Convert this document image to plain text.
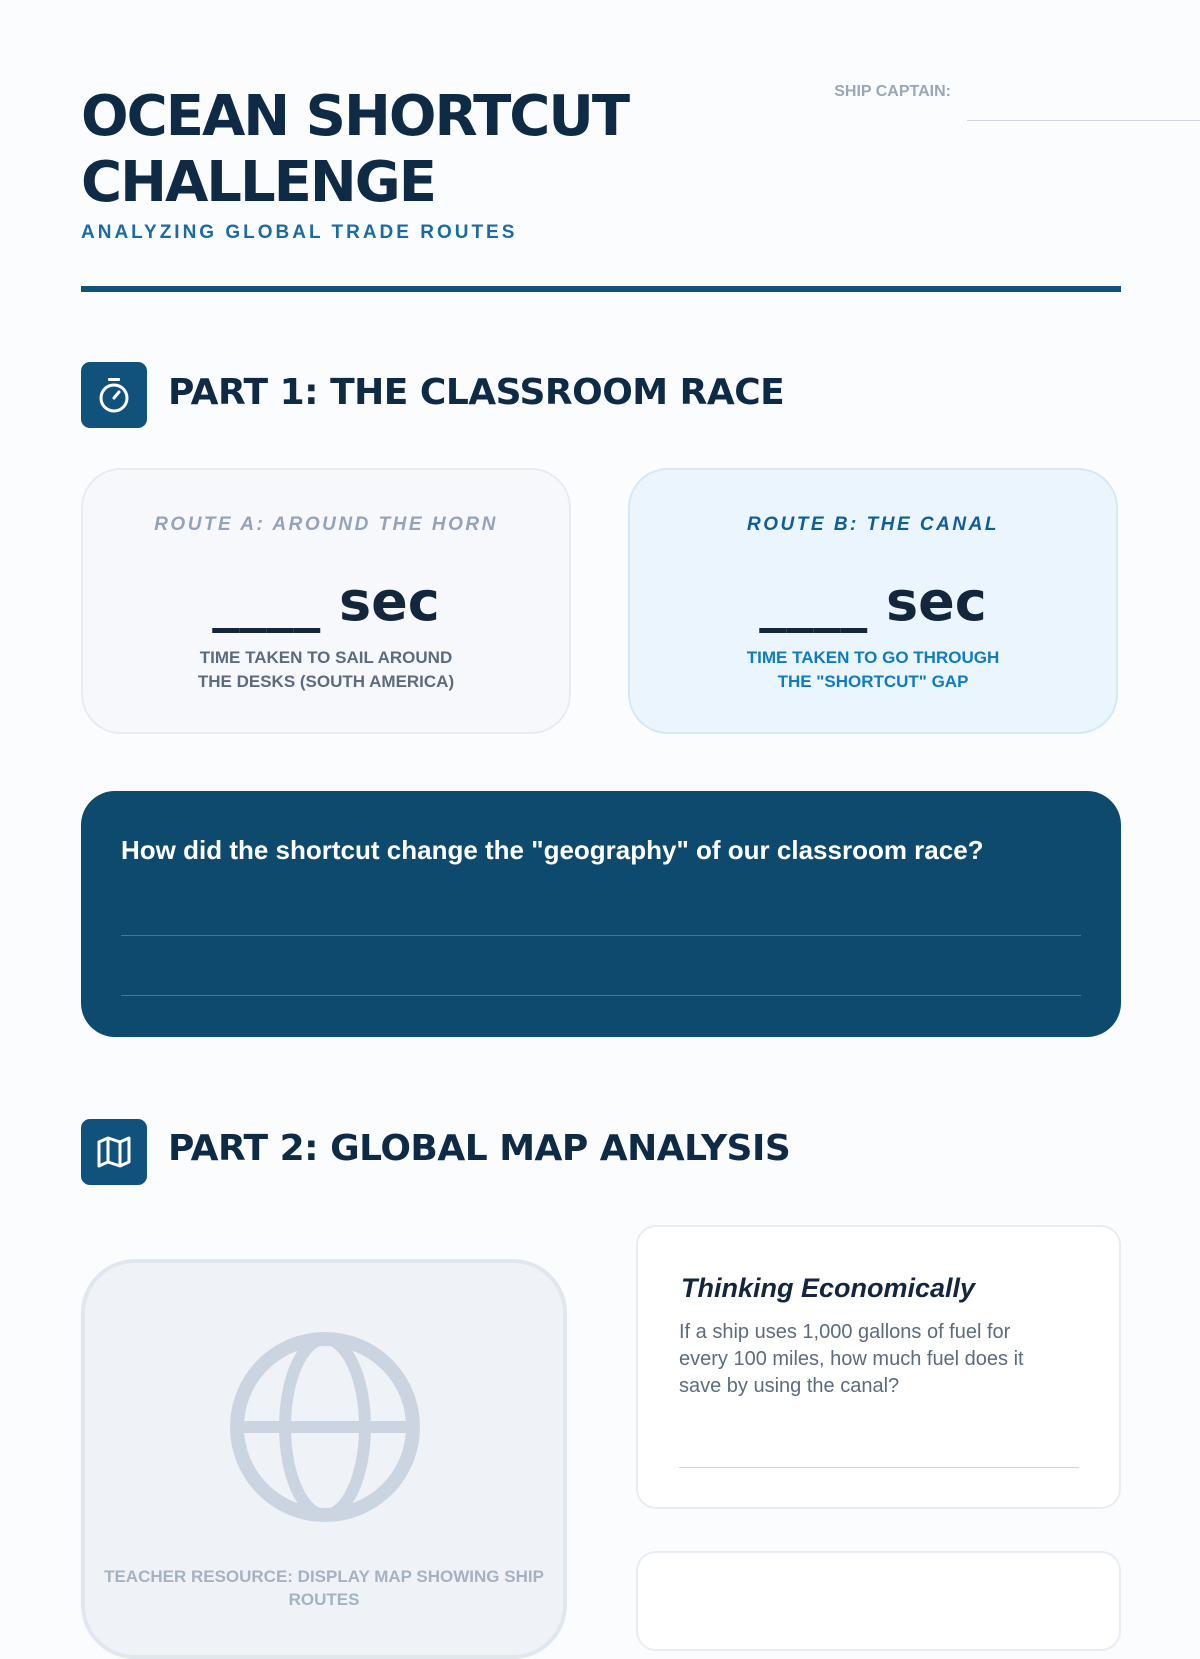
OCEAN SHORTCUT CHALLENGE
ANALYZING GLOBAL TRADE ROUTES
SHIP CAPTAIN:
PART 1: THE CLASSROOM RACE
ROUTE A: AROUND THE HORN
____ sec
TIME TAKEN TO SAIL AROUND THE DESKS (SOUTH AMERICA)
ROUTE B: THE CANAL
____ sec
TIME TAKEN TO GO THROUGH THE "SHORTCUT" GAP
How did the shortcut change the "geography" of our classroom race?
PART 2: GLOBAL MAP ANALYSIS
TEACHER RESOURCE: DISPLAY MAP SHOWING SHIP ROUTES
Thinking Economically
If a ship uses 1,000 gallons of fuel for every 100 miles, how much fuel does it save by using the canal?
